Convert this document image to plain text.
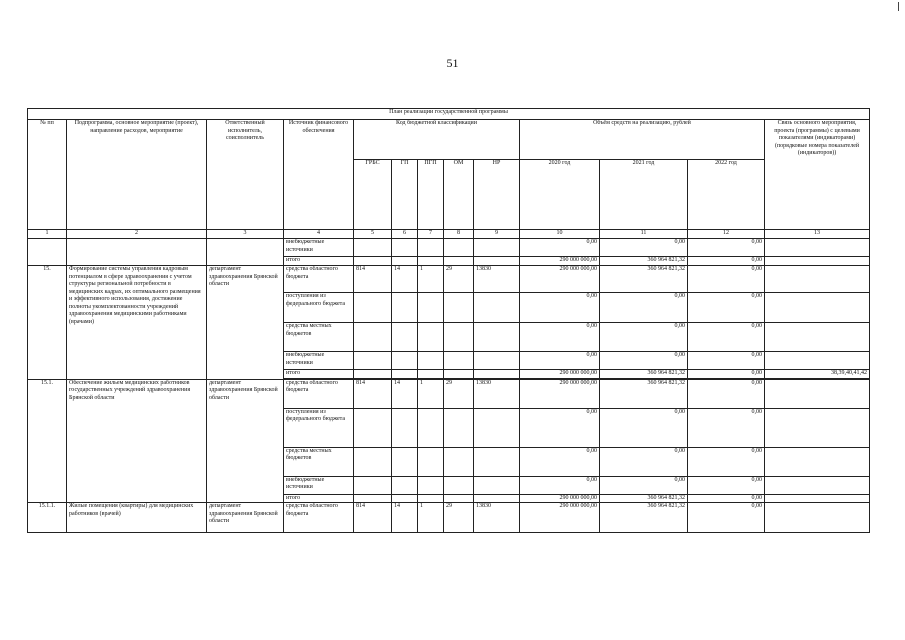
51
План реализации государственной программы												
№ пп	Подпрограмма, основное мероприятие (проект), направление расходов, мероприятие	Ответственный исполнитель, соисполнитель	Источник финансового обеспечения	Код бюджетной классификации					Объём средств на реализацию, рублей			Связь основного мероприятия, проекта (программы) с целевыми показателями (индикаторами) (порядковые номера показателей (индикаторов))
				ГРБС	ГП	ПГП	ОМ	НР	2020 год	2021 год	2022 год	
1	2	3	4	5	6	7	8	9	10	11	12	13
			внебюджетные источники						0,00	0,00	0,00	
			итого						290 000 000,00	360 964 821,32	0,00	
15.	Формирование системы управления кадровым потенциалом в сфере здравоохранения с учетом структуры региональной потребности в медицинских кадрах, их оптимального размещения и эффективного использования, достижение полноты укомплектованности учреждений здравоохранения медицинскими работниками (врачами)	департамент здравоохранения Брянской области	средства областного бюджета	814	14	1	29	13830	290 000 000,00	360 964 821,32	0,00	
			поступления из федерального бюджета						0,00	0,00	0,00	
			средства местных бюджетов						0,00	0,00	0,00	
			внебюджетные источники						0,00	0,00	0,00	
			итого						290 000 000,00	360 964 821,32	0,00	38,39,40,41,42

15.1.	Обеспечение жильем медицинских работников государственных учреждений здравоохранения Брянской области	департамент здравоохранения Брянской области	средства областного бюджета	814	14	1	29	13830	290 000 000,00	360 964 821,32	0,00	
			поступления из федерального бюджета						0,00	0,00	0,00	
			средства местных бюджетов						0,00	0,00	0,00	
			внебюджетные источники						0,00	0,00	0,00	
			итого						290 000 000,00	360 964 821,32	0,00	
15.1.1.	Жилые помещения (квартиры) для медицинских работников (врачей)	департамент здравоохранения Брянской области	средства областного бюджета	814	14	1	29	13830	290 000 000,00	360 964 821,32	0,00	
